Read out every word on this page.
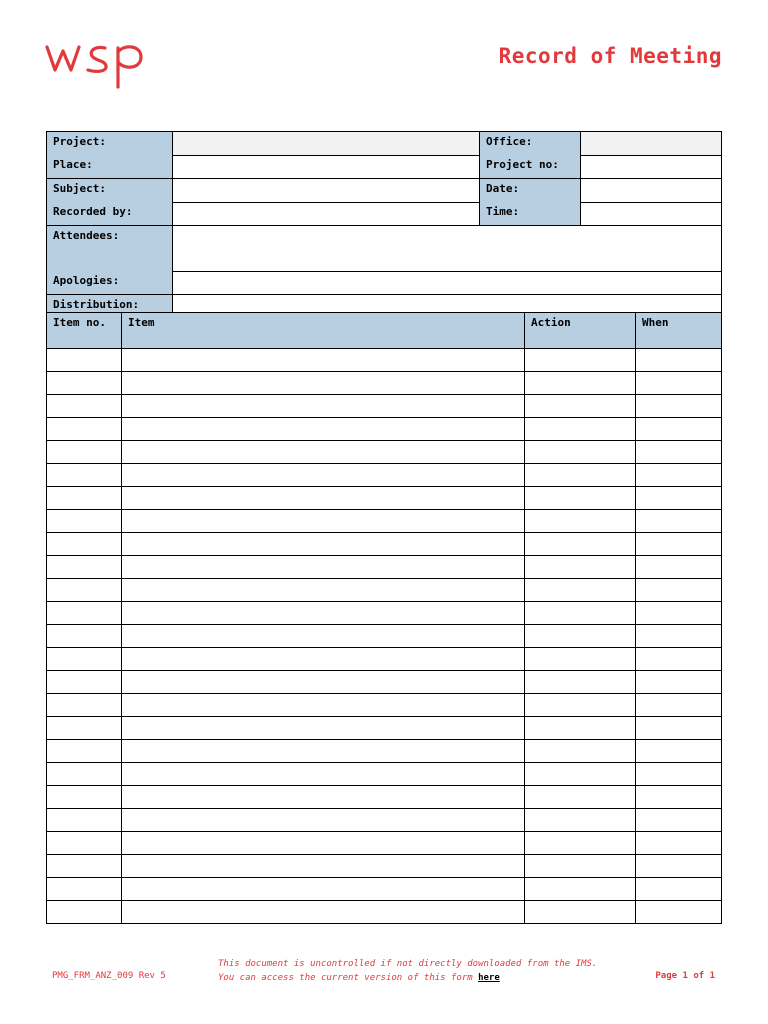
Record of Meeting
Project:		Office:	
Place:		Project no:	
Subject:		Date:	
Recorded by:		Time:	
Attendees:			
Apologies:			
Distribution:			
Item no.	Item	Action	When

PMG_FRM_ANZ_009 Rev 5
This document is uncontrolled if not directly downloaded from the IMS. You can access the current version of this form here	Page 1 of 1
